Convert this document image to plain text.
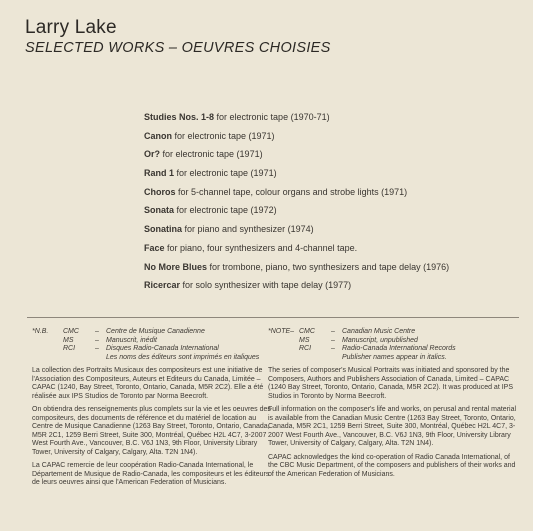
Larry Lake
SELECTED WORKS – OEUVRES CHOISIES
Studies Nos. 1-8 for electronic tape (1970-71)
Canon for electronic tape (1971)
Or? for electronic tape (1971)
Rand 1 for electronic tape (1971)
Choros for 5-channel tape, colour organs and strobe lights (1971)
Sonata for electronic tape (1972)
Sonatina for piano and synthesizer (1974)
Face for piano, four synthesizers and 4-channel tape.
No More Blues for trombone, piano, two synthesizers and tape delay (1976)
Ricercar for solo synthesizer with tape delay (1977)
*N.B.	CMC	–	Centre de Musique Canadienne
MS	–	Manuscrit, inédit
RCI	–	Disques Radio-Canada International
Les noms des éditeurs sont imprimés en italiques
La collection des Portraits Musicaux des compositeurs est une initiative de l'Association des Compositeurs, Auteurs et Editeurs du Canada, Limitée – CAPAC (1240, Bay Street, Toronto, Ontario, Canada, M5R 2C2). Elle a été réalisée aux IPS Studios de Toronto par Norma Beecroft.
On obtiendra des renseignements plus complets sur la vie et les oeuvres des compositeurs, des documents de référence et du matériel de location au Centre de Musique Canadienne (1263 Bay Street, Toronto, Ontario, Canada, M5R 2C1, 1259 Berri Street, Suite 300, Montréal, Québec H2L 4C7, 3-2007 West Fourth Ave., Vancouver, B.C. V6J 1N3, 9th Floor, University Library Tower, University of Calgary, Calgary, Alta. T2N 1N4).
La CAPAC remercie de leur coopération Radio-Canada International, le Département de Musique de Radio-Canada, les compositeurs et les éditeurs de leurs oeuvres ainsi que l'American Federation of Musicians.
*NOTE– CMC	–	Canadian Music Centre
MS	–	Manuscript, unpublished
RCI	–	Radio-Canada International Records
Publisher names appear in italics.
The series of composer's Musical Portraits was initiated and sponsored by the Composers, Authors and Publishers Association of Canada, Limited – CAPAC (1240 Bay Street, Toronto, Ontario, Canada, M5R 2C2). It was produced at IPS Studios in Toronto by Norma Beecroft.
Full information on the composer's life and works, on perusal and rental material is available from the Canadian Music Centre (1263 Bay Street, Toronto, Ontario, Canada, M5R 2C1, 1259 Berri Street, Suite 300, Montréal, Québec H2L 4C7, 3-2007 West Fourth Ave., Vancouver, B.C. V6J 1N3, 9th Floor, University Library Tower, University of Calgary, Calgary, Alta. T2N 1N4).
CAPAC acknowledges the kind co-operation of Radio Canada International, of the CBC Music Department, of the composers and publishers of their works and of the American Federation of Musicians.
